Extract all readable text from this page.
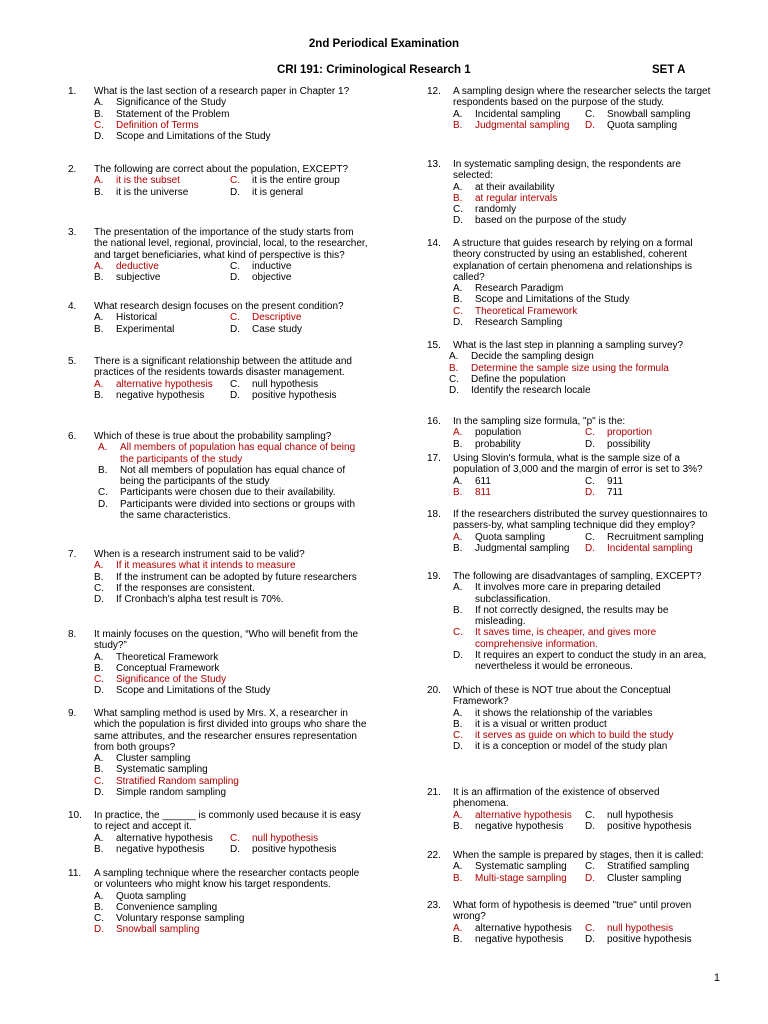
2nd Periodical Examination
CRI 191: Criminological Research 1	SET A
1.	What is the last section of a research paper in Chapter 1?
A.	Significance of the Study
B.	Statement of the Problem
C.	Definition of Terms
D.	Scope and Limitations of the Study
2.	The following are correct about the population, EXCEPT?
A.	it is the subset	C.	it is the entire group
B.	it is the universe	D.	it is general
3.	The presentation of the importance of the study starts from the national level, regional, provincial, local, to the researcher, and target beneficiaries, what kind of perspective is this?
A.	deductive	C.	inductive
B.	subjective	D.	objective
4.	What research design focuses on the present condition?
A.	Historical	C.	Descriptive
B.	Experimental	D.	Case study
5.	There is a significant relationship between the attitude and practices of the residents towards disaster management.
A.	alternative hypothesis C.	null hypothesis
B.	negative hypothesis	D.	positive hypothesis
6.	Which of these is true about the probability sampling?
A.	All members of population has equal chance of being the participants of the study
B.	Not all members of population has equal chance of being the participants of the study
C.	Participants were chosen due to their availability.
D.	Participants were divided into sections or groups with the same characteristics.
7.	When is a research instrument said to be valid?
A.	If it measures what it intends to measure
B.	If the instrument can be adopted by future researchers
C.	If the responses are consistent.
D.	If Cronbach's alpha test result is 70%.
8.	It mainly focuses on the question, “Who will benefit from the study?”
A.	Theoretical Framework
B.	Conceptual Framework
C.	Significance of the Study
D.	Scope and Limitations of the Study
9.	What sampling method is used by Mrs. X, a researcher in which the population is first divided into groups who share the same attributes, and the researcher ensures representation from both groups?
A.	Cluster sampling
B.	Systematic sampling
C.	Stratified Random sampling
D.	Simple random sampling
10.	In practice, the ______ is commonly used because it is easy to reject and accept it.
A.	alternative hypothesis C.	null hypothesis
B.	negative hypothesis	D.	positive hypothesis
11.	A sampling technique where the researcher contacts people or volunteers who might know his target respondents.
A.	Quota sampling
B.	Convenience sampling
C.	Voluntary response sampling
D.	Snowball sampling
12.	A sampling design where the researcher selects the target respondents based on the purpose of the study.
A.	Incidental sampling C.	Snowball sampling
B.	Judgmental sampling D.	Quota sampling
13.	In systematic sampling design, the respondents are selected:
A.	at their availability
B.	at regular intervals
C.	randomly
D.	based on the purpose of the study
14.	A structure that guides research by relying on a formal theory constructed by using an established, coherent explanation of certain phenomena and relationships is called?
A.	Research Paradigm
B.	Scope and Limitations of the Study
C.	Theoretical Framework
D.	Research Sampling
15.	What is the last step in planning a sampling survey?
A.	Decide the sampling design
B.	Determine the sample size using the formula
C.	Define the population
D.	Identify the research locale
16.	In the sampling size formula, "p" is the:
A.	population	C.	proportion
B.	probability	D.	possibility
17.	Using Slovin's formula, what is the sample size of a population of 3,000 and the margin of error is set to 3%?
A.	611	C.	911
B.	811	D.	711
18.	If the researchers distributed the survey questionnaires to passers-by, what sampling technique did they employ?
A.	Quota sampling	C.	Recruitment sampling
B.	Judgmental sampling D.	Incidental sampling
19.	The following are disadvantages of sampling, EXCEPT?
A.	It involves more care in preparing detailed subclassification.
B.	If not correctly designed, the results may be misleading.
C.	It saves time, is cheaper, and gives more comprehensive information.
D.	It requires an expert to conduct the study in an area, nevertheless it would be erroneous.
20.	Which of these is NOT true about the Conceptual Framework?
A.	it shows the relationship of the variables
B.	it is a visual or written product
C.	it serves as guide on which to build the study
D.	it is a conception or model of the study plan
21.	It is an affirmation of the existence of observed phenomena.
A.	alternative hypothesis C.	null hypothesis
B.	negative hypothesis D.	positive hypothesis
22.	When the sample is prepared by stages, then it is called:
A.	Systematic sampling C.	Stratified sampling
B.	Multi-stage sampling D.	Cluster sampling
23.	What form of hypothesis is deemed "true" until proven wrong?
A.	alternative hypothesis C.	null hypothesis
B.	negative hypothesis D.	positive hypothesis
1
